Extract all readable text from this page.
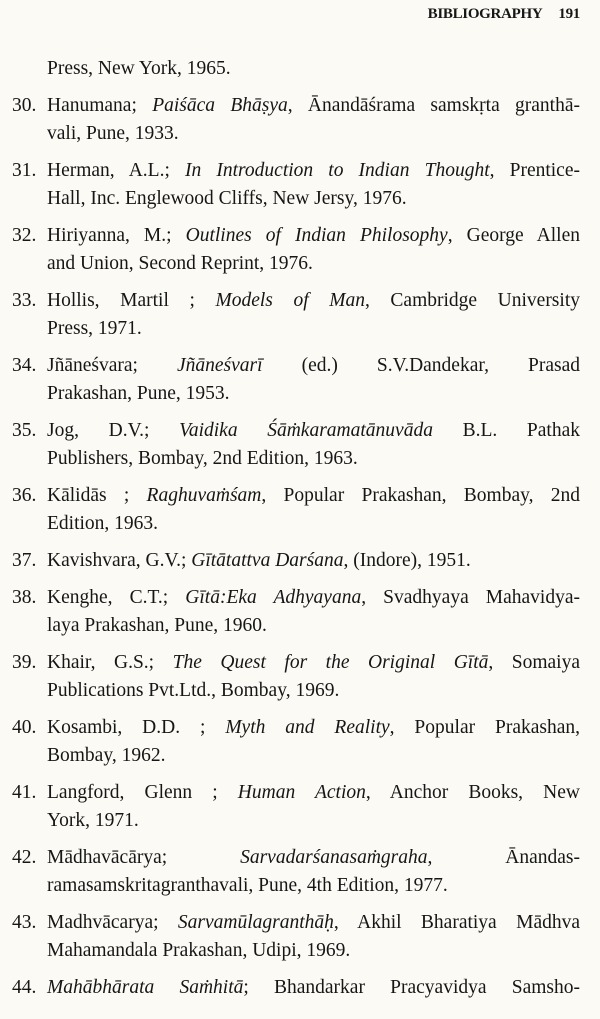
BIBLIOGRAPHY 191
Press, New York, 1965.
30. Hanumana; Paiśāca Bhāṣya, Ānandāśrama samskṛta granthā-
vali, Pune, 1933.
31. Herman, A.L.; In Introduction to Indian Thought, Prentice-
Hall, Inc. Englewood Cliffs, New Jersy, 1976.
32. Hiriyanna, M.; Outlines of Indian Philosophy, George Allen
and Union, Second Reprint, 1976.
33. Hollis, Martil ; Models of Man, Cambridge University
Press, 1971.
34. Jñāneśvara; Jñāneśvarī (ed.) S.V.Dandekar, Prasad
Prakashan, Pune, 1953.
35. Jog, D.V.; Vaidika Śāṁkaramatānuvāda B.L. Pathak
Publishers, Bombay, 2nd Edition, 1963.
36. Kālidās ; Raghuvaṁśam, Popular Prakashan, Bombay, 2nd
Edition, 1963.
37. Kavishvara, G.V.; Gītātattva Darśana, (Indore), 1951.
38. Kenghe, C.T.; Gītā:Eka Adhyayana, Svadhyaya Mahavidya-
laya Prakashan, Pune, 1960.
39. Khair, G.S.; The Quest for the Original Gītā, Somaiya
Publications Pvt.Ltd., Bombay, 1969.
40. Kosambi, D.D. ; Myth and Reality, Popular Prakashan,
Bombay, 1962.
41. Langford, Glenn ; Human Action, Anchor Books, New
York, 1971.
42. Mādhavācārya; Sarvadarśanasaṁgraha, Ānandas-
ramasamskritagranthavali, Pune, 4th Edition, 1977.
43. Madhvācarya; Sarvamūlagranthāḥ, Akhil Bharatiya Mādhva
Mahamandala Prakashan, Udipi, 1969.
44. Mahābhārata Saṁhitā; Bhandarkar Pracyavidya Samsho-
